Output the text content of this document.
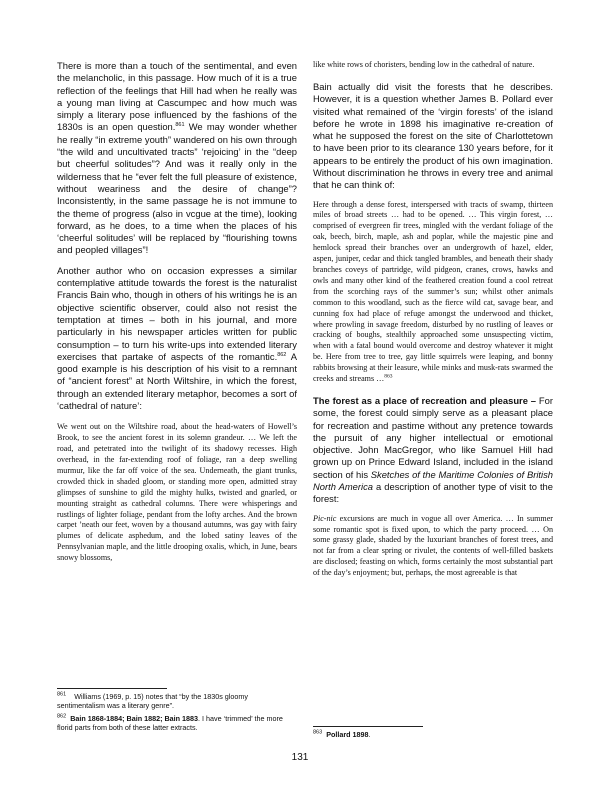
There is more than a touch of the sentimental, and even the melancholic, in this passage. How much of it is a true reflection of the feelings that Hill had when he really was a young man living at Cascumpec and how much was simply a literary pose influenced by the fashions of the 1830s is an open question.$^{861}$ We may wonder whether he really “in extreme youth” wandered on his own through “the wild and uncultivated tracts” ‘rejoicing’ in the “deep but cheerful solitudes”? And was it really only in the wilderness that he “ever felt the full pleasure of existence, without weariness and the desire of change”? Inconsistently, in the same passage he is not immune to the theme of progress (also in vcgue at the time), looking forward, as he does, to a time when the places of his ‘cheerful solitudes’ will be replaced by “flourishing towns and peopled villages”!

Another author who on occasion expresses a similar contemplative attitude towards the forest is the naturalist Francis Bain who, though in others of his writings he is an objective scientific observer, could also not resist the temptation at times – both in his journal, and more particularly in his newspaper articles written for public consumption – to turn his write-ups into extended literary exercises that partake of aspects of the romantic.$^{862}$ A good example is his description of his visit to a remnant of “ancient forest” at North Wiltshire, in which the forest, through an extended literary metaphor, becomes a sort of ‘cathedral of nature’:

We went out on the Wiltshire road, about the head-waters of Howell’s Brook, to see the ancient forest in its solemn grandeur. … We left the road, and petetrated into the twilight of its shadowy recesses. High overhead, in the far-extending roof of foliage, ran a deep swelling murmur, like the far off voice of the sea. Underneath, the giant trunks, crowded thick in shaded gloom, or standing more open, admitted stray glimpses of sunshine to gild the mighty hulks, twisted and gnarled, or mounting straight as cathedral columns. There were whisperings and rustlings of lighter foliage, pendant from the lofty arches. And the brown carpet ’neath our feet, woven by a thousand autumns, was gay with fairy plumes of delicate asphedum, and the lobed satiny leaves of the Pennsylvanian maple, and the little drooping oxalis, which, in June, bears snowy blossoms,

like white rows of choristers, bending low in the cathedral of nature.

Bain actually did visit the forests that he describes. However, it is a question whether James B. Pollard ever visited what remained of the ‘virgin forests’ of the island before he wrote in 1898 his imaginative re-creation of what he supposed the forest on the site of Charlottetown to have been prior to its clearance 130 years before, for it appears to be entirely the product of his own imagination. Without discrimination he throws in every tree and animal that he can think of:

Here through a dense forest, interspersed with tracts of swamp, thirteen miles of broad streets … had to be opened. … This virgin forest, … comprised of evergreen fir trees, mingled with the verdant foliage of the oak, beech, birch, maple, ash and poplar, while the majestic pine and hemlock spread their branches over an undergrowth of hazel, elder, aspen, juniper, cedar and thick tangled brambles, and beneath their shady branches coveys of partridge, wild pidgeon, cranes, crows, hawks and owls and many other kind of the feathered creation found a cool retreat from the scorching rays of the summer’s sun; whilst other animals common to this woodland, such as the fierce wild cat, savage bear, and cunning fox had place of refuge amongst the underwood and thicket, where prowling in savage freedom, disturbed by no rustling of leaves or cracking of boughs, stealthily approached some unsuspecting victim, when with a fatal bound would overcome and destroy whatever it might be. Here from tree to tree, gay little squirrels were leaping, and bonny rabbits browsing at their leasure, while minks and musk-rats swarmed the creeks and streams …$^{863}$

The forest as a place of recreation and pleasure – For some, the forest could simply serve as a pleasant place for recreation and pastime without any pretence towards the pursuit of any higher intellectual or emotional objective. John MacGregor, who like Samuel Hill had grown up on Prince Edward Island, included in the island section of his Sketches of the Maritime Colonies of British North America a description of another type of visit to the forest:

Pic-nic excursions are much in vogue all over America. … In summer some romantic spot is fixed upon, to which the party proceed. … On some grassy glade, shaded by the luxuriant branches of forest trees, and not far from a clear spring or rivulet, the contents of well-filled baskets are disclosed; feasting on which, forms certainly the most substantial part of the day’s enjoyment; but, perhaps, the most agreeable is that

$^{861}$ Williams (1969, p. 15) notes that “by the 1830s gloomy sentimentalism was a literary genre”.

$^{862}$ Bain 1868-1884; Bain 1882; Bain 1883. I have ‘trimmed’ the more florid parts from both of these latter extracts.

$^{863}$ Pollard 1898.

131
